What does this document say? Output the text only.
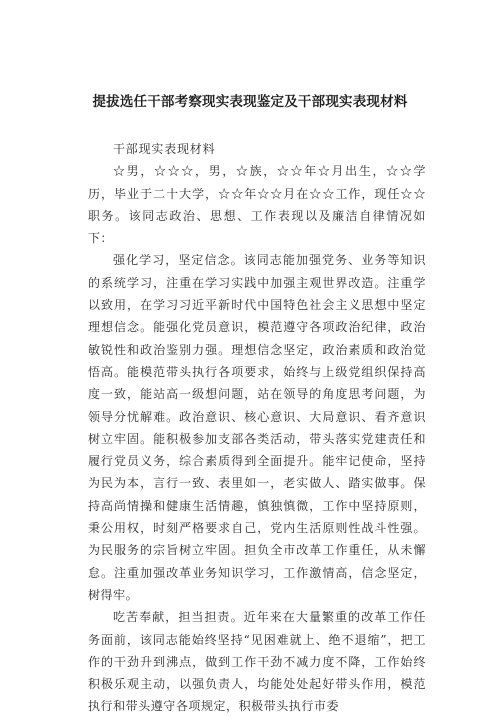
提拔选任干部考察现实表现鉴定及干部现实表现材料

干部现实表现材料

☆男，☆☆☆，男，☆族，☆☆年☆月出生，☆☆学历，毕业于二十大学，☆☆年☆☆月在☆☆工作，现任☆☆职务。该同志政治、思想、工作表现以及廉洁自律情况如下：

强化学习，坚定信念。该同志能加强党务、业务等知识的系统学习，注重在学习实践中加强主观世界改造。注重学以致用，在学习习近平新时代中国特色社会主义思想中坚定理想信念。能强化党员意识，模范遵守各项政治纪律，政治敏锐性和政治鉴别力强。理想信念坚定，政治素质和政治觉悟高。能模范带头执行各项要求，始终与上级党组织保持高度一致，能站高一级想问题，站在领导的角度思考问题，为领导分忧解难。政治意识、核心意识、大局意识、看齐意识树立牢固。能积极参加支部各类活动，带头落实党建责任和履行党员义务，综合素质得到全面提升。能牢记使命，坚持为民为本，言行一致、表里如一，老实做人、踏实做事。保持高尚情操和健康生活情趣，慎独慎微，工作中坚持原则，秉公用权，时刻严格要求自己，党内生活原则性战斗性强。为民服务的宗旨树立牢固。担负全市改革工作重任，从未懈怠。注重加强改革业务知识学习，工作激情高，信念坚定，树得牢。

吃苦奉献，担当担责。近年来在大量繁重的改革工作任务面前，该同志能始终坚持“见困难就上、绝不退缩”，把工作的干劲升到沸点，做到工作干劲不减力度不降，工作始终积极乐观主动，以强负责人，均能处处起好带头作用，模范执行和带头遵守各项规定，积极带头执行市委
